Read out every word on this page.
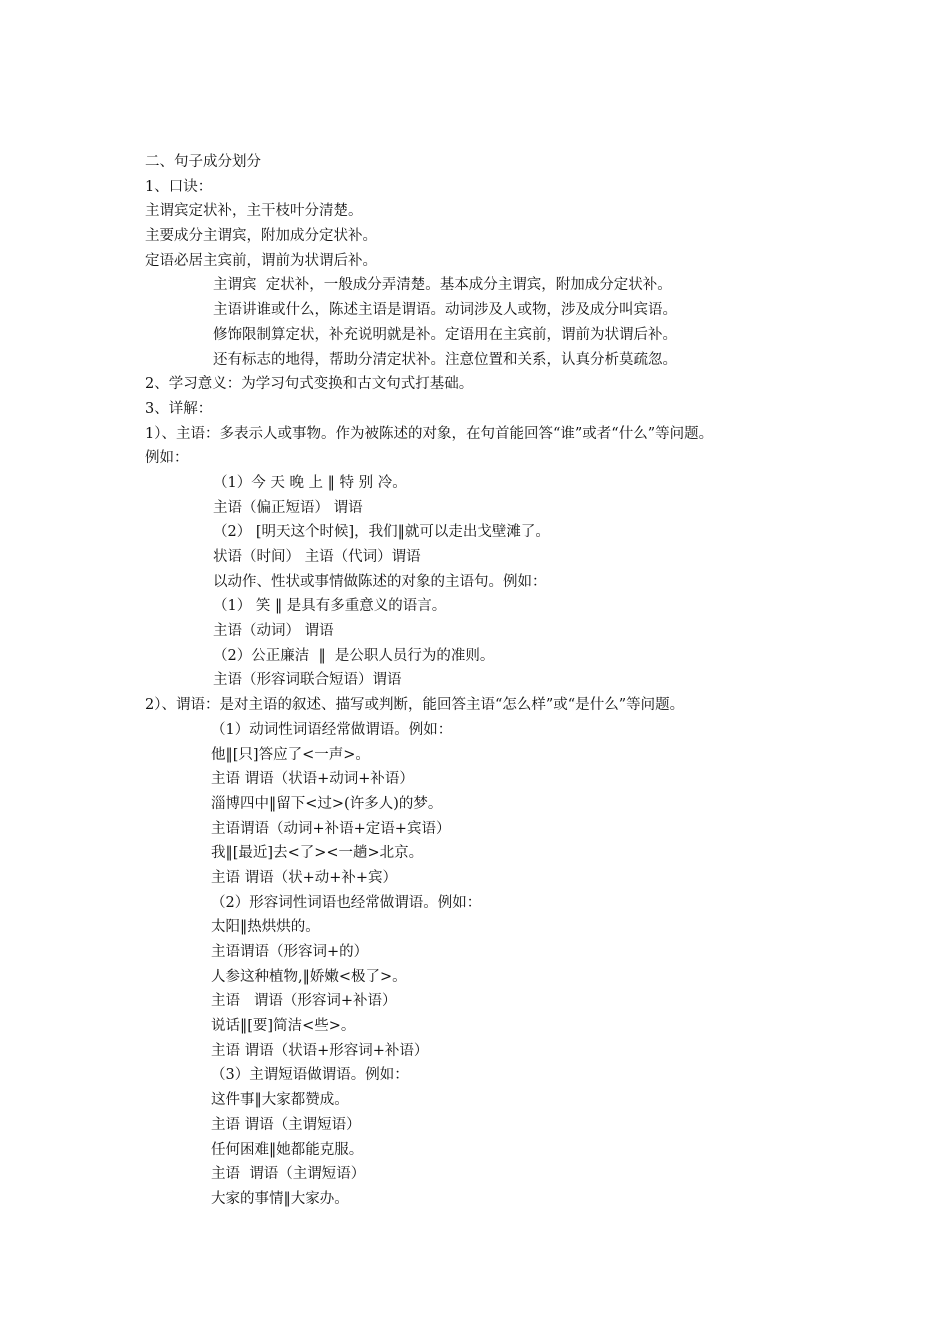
二、句子成分划分
1、口诀：
主谓宾定状补，主干枝叶分清楚。
主要成分主谓宾，附加成分定状补。
定语必居主宾前，谓前为状谓后补。
主谓宾  定状补，一般成分弄清楚。基本成分主谓宾，附加成分定状补。
主语讲谁或什么，陈述主语是谓语。动词涉及人或物，涉及成分叫宾语。
修饰限制算定状，补充说明就是补。定语用在主宾前，谓前为状谓后补。
还有标志的地得，帮助分清定状补。注意位置和关系，认真分析莫疏忽。
2、学习意义：为学习句式变换和古文句式打基础。
3、详解：
1）、主语：多表示人或事物。作为被陈述的对象，在句首能回答“谁”或者“什么”等问题。
例如：
（1）今 天 晚 上 ‖ 特 别 冷。
主语（偏正短语） 谓语
（2） [明天这个时候]，我们‖就可以走出戈壁滩了。
状语（时间） 主语（代词）谓语
以动作、性状或事情做陈述的对象的主语句。例如：
（1） 笑 ‖ 是具有多重意义的语言。
主语（动词） 谓语
（2）公正廉洁  ‖  是公职人员行为的准则。
主语（形容词联合短语）谓语
2）、谓语：是对主语的叙述、描写或判断，能回答主语“怎么样”或“是什么”等问题。
（1）动词性词语经常做谓语。例如：
他‖[只]答应了<一声>。
主语 谓语（状语+动词+补语）
淄博四中‖留下<过>(许多人)的梦。
主语谓语（动词+补语+定语+宾语）
我‖[最近]去<了><一趟>北京。
主语 谓语（状+动+补+宾）
（2）形容词性词语也经常做谓语。例如：
太阳‖热烘烘的。
主语谓语（形容词+的）
人参这种植物,‖娇嫩<极了>。
主语   谓语（形容词+补语）
说话‖[要]简洁<些>。
主语 谓语（状语+形容词+补语）
（3）主谓短语做谓语。例如：
这件事‖大家都赞成。
主语 谓语（主谓短语）
任何困难‖她都能克服。
主语  谓语（主谓短语）
大家的事情‖大家办。
